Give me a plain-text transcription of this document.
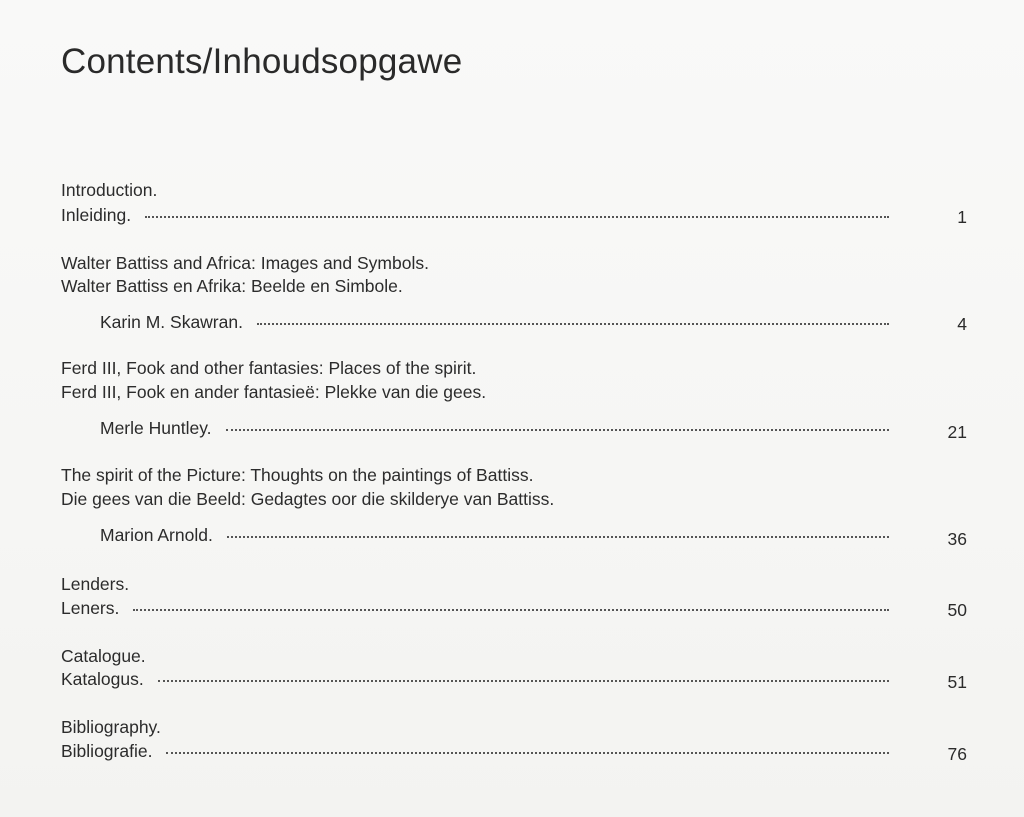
Contents/Inhoudsopgawe
Introduction.
Inleiding.	1
Walter Battiss and Africa: Images and Symbols.
Walter Battiss en Afrika: Beelde en Simbole.
Karin M. Skawran.	4
Ferd III, Fook and other fantasies: Places of the spirit.
Ferd III, Fook en ander fantasieë: Plekke van die gees.
Merle Huntley.	21
The spirit of the Picture: Thoughts on the paintings of Battiss.
Die gees van die Beeld: Gedagtes oor die skilderye van Battiss.
Marion Arnold.	36
Lenders.
Leners.	50
Catalogue.
Katalogus.	51
Bibliography.
Bibliografie.	76
